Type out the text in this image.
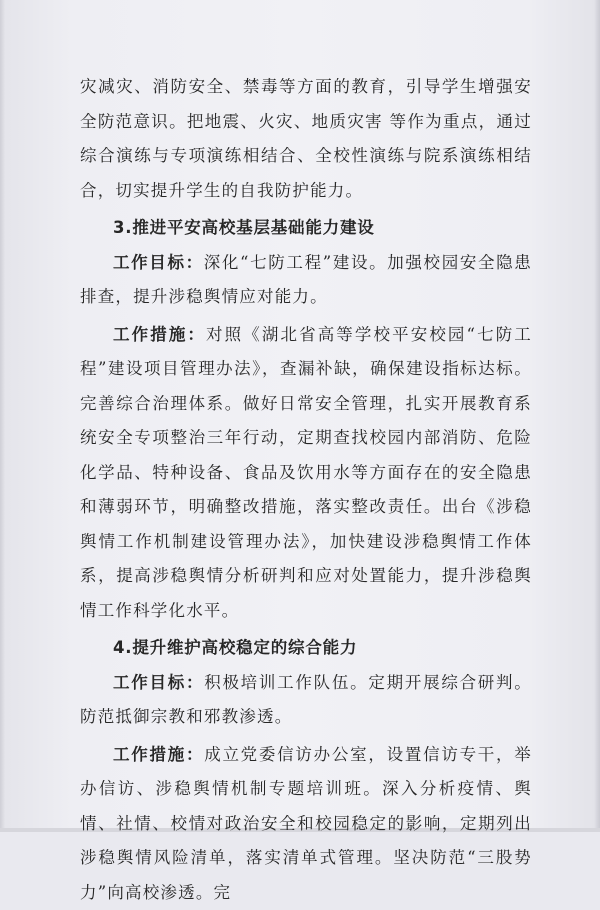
灾减灾、消防安全、禁毒等方面的教育，引导学生增强安全防范意识。把地震、火灾、地质灾害 等作为重点，通过综合演练与专项演练相结合、全校性演练与院系演练相结合，切实提升学生的自我防护能力。

3.推进平安高校基层基础能力建设

工作目标：深化“七防工程”建设。加强校园安全隐患排查，提升涉稳舆情应对能力。

工作措施：对照《湖北省高等学校平安校园“七防工程”建设项目管理办法》，查漏补缺，确保建设指标达标。完善综合治理体系。做好日常安全管理，扎实开展教育系统安全专项整治三年行动，定期查找校园内部消防、危险化学品、特种设备、食品及饮用水等方面存在的安全隐患和薄弱环节，明确整改措施，落实整改责任。出台《涉稳舆情工作机制建设管理办法》，加快建设涉稳舆情工作体系，提高涉稳舆情分析研判和应对处置能力，提升涉稳舆情工作科学化水平。

4.提升维护高校稳定的综合能力

工作目标：积极培训工作队伍。定期开展综合研判。防范抵御宗教和邪教渗透。

工作措施：成立党委信访办公室，设置信访专干，举办信访、涉稳舆情机制专题培训班。深入分析疫情、舆情、社情、校情对政治安全和校园稳定的影响，定期列出涉稳舆情风险清单，落实清单式管理。坚决防范“三股势力”向高校渗透。完
